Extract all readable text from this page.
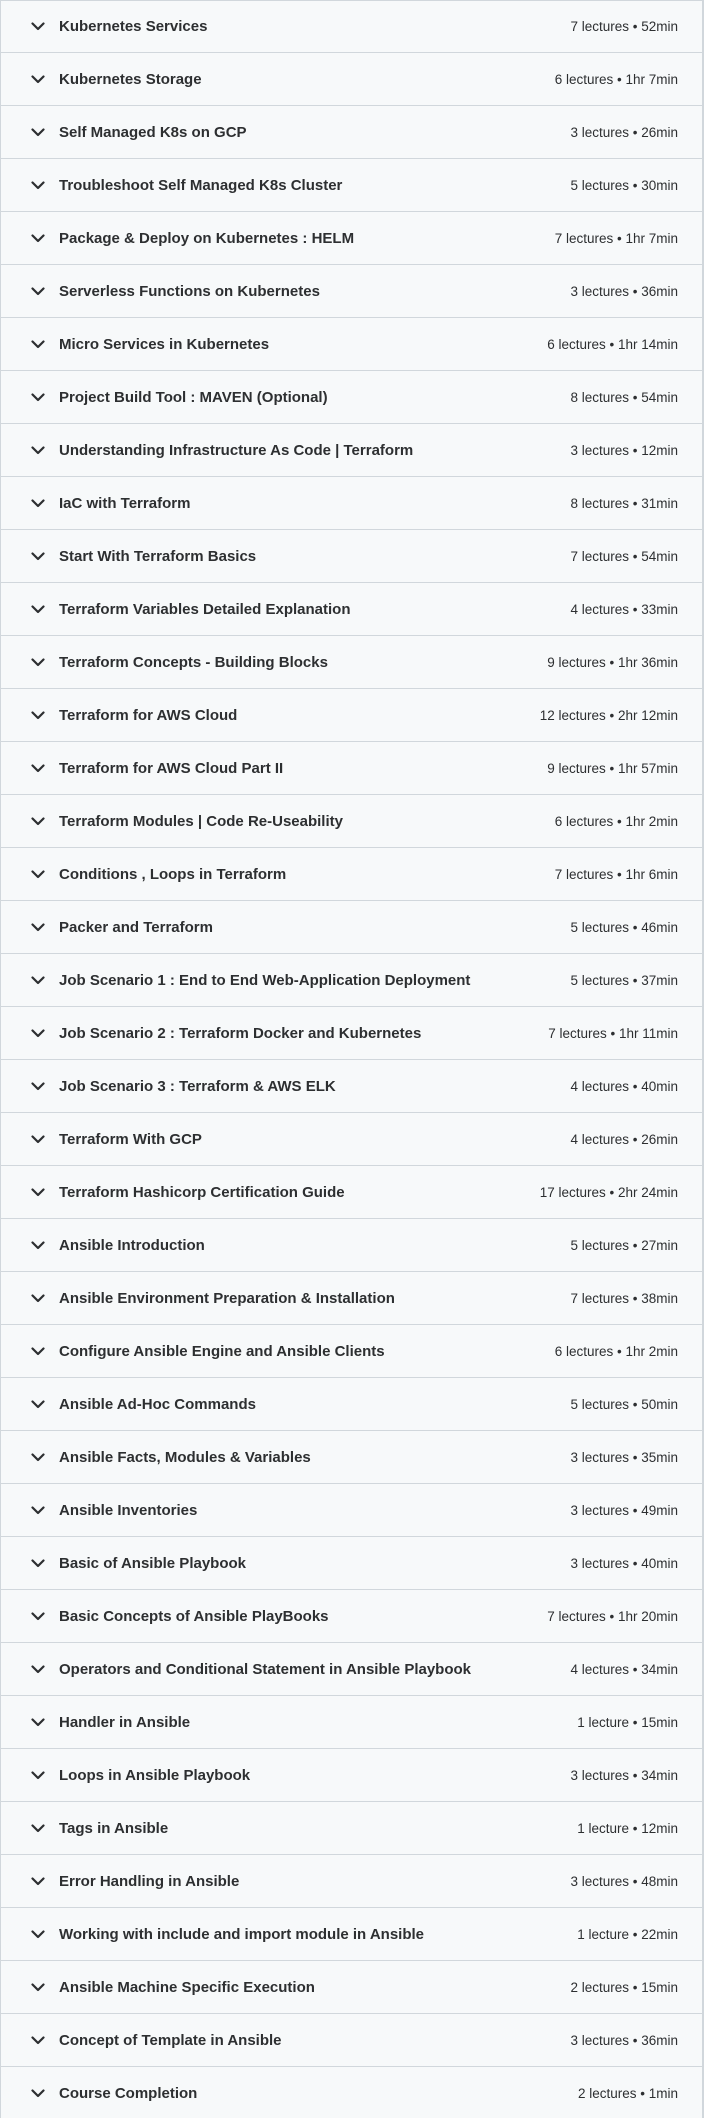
Kubernetes Services	7 lectures • 52min
Kubernetes Storage	6 lectures • 1hr 7min
Self Managed K8s on GCP	3 lectures • 26min
Troubleshoot Self Managed K8s Cluster	5 lectures • 30min
Package & Deploy on Kubernetes : HELM	7 lectures • 1hr 7min
Serverless Functions on Kubernetes	3 lectures • 36min
Micro Services in Kubernetes	6 lectures • 1hr 14min
Project Build Tool : MAVEN (Optional)	8 lectures • 54min
Understanding Infrastructure As Code | Terraform	3 lectures • 12min
IaC with Terraform	8 lectures • 31min
Start With Terraform Basics	7 lectures • 54min
Terraform Variables Detailed Explanation	4 lectures • 33min
Terraform Concepts - Building Blocks	9 lectures • 1hr 36min
Terraform for AWS Cloud	12 lectures • 2hr 12min
Terraform for AWS Cloud Part II	9 lectures • 1hr 57min
Terraform Modules | Code Re-Useability	6 lectures • 1hr 2min
Conditions , Loops in Terraform	7 lectures • 1hr 6min
Packer and Terraform	5 lectures • 46min
Job Scenario 1 : End to End Web-Application Deployment	5 lectures • 37min
Job Scenario 2 : Terraform Docker and Kubernetes	7 lectures • 1hr 11min
Job Scenario 3 : Terraform & AWS ELK	4 lectures • 40min
Terraform With GCP	4 lectures • 26min
Terraform Hashicorp Certification Guide	17 lectures • 2hr 24min
Ansible Introduction	5 lectures • 27min
Ansible Environment Preparation & Installation	7 lectures • 38min
Configure Ansible Engine and Ansible Clients	6 lectures • 1hr 2min
Ansible Ad-Hoc Commands	5 lectures • 50min
Ansible Facts, Modules & Variables	3 lectures • 35min
Ansible Inventories	3 lectures • 49min
Basic of Ansible Playbook	3 lectures • 40min
Basic Concepts of Ansible PlayBooks	7 lectures • 1hr 20min
Operators and Conditional Statement in Ansible Playbook	4 lectures • 34min
Handler in Ansible	1 lecture • 15min
Loops in Ansible Playbook	3 lectures • 34min
Tags in Ansible	1 lecture • 12min
Error Handling in Ansible	3 lectures • 48min
Working with include and import module in Ansible	1 lecture • 22min
Ansible Machine Specific Execution	2 lectures • 15min
Concept of Template in Ansible	3 lectures • 36min
Course Completion	2 lectures • 1min
